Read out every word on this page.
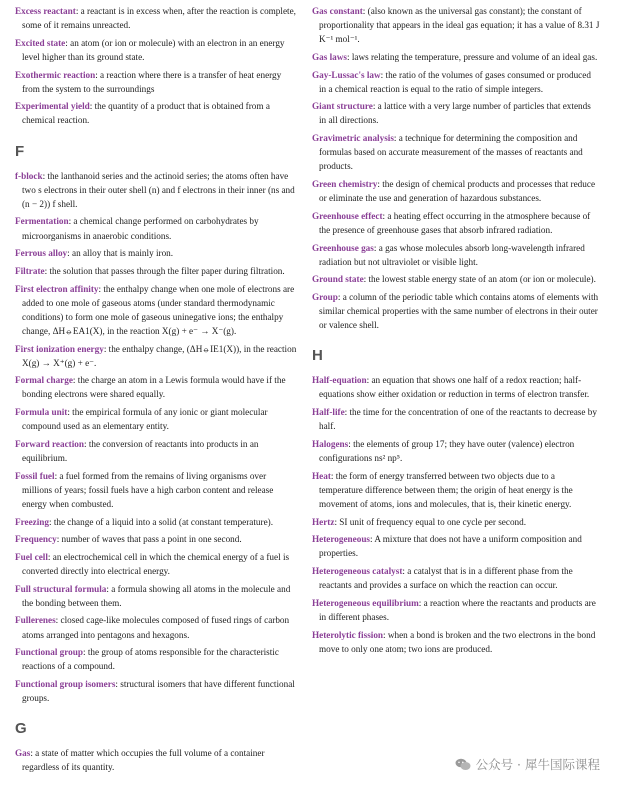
Excess reactant: a reactant is in excess when, after the reaction is complete, some of it remains unreacted.
Excited state: an atom (or ion or molecule) with an electron in an energy level higher than its ground state.
Exothermic reaction: a reaction where there is a transfer of heat energy from the system to the surroundings
Experimental yield: the quantity of a product that is obtained from a chemical reaction.
F
f-block: the lanthanoid series and the actinoid series; the atoms often have two s electrons in their outer shell (n) and f electrons in their inner (ns and (n − 2)) f shell.
Fermentation: a chemical change performed on carbohydrates by microorganisms in anaerobic conditions.
Ferrous alloy: an alloy that is mainly iron.
Filtrate: the solution that passes through the filter paper during filtration.
First electron affinity: the enthalpy change when one mole of electrons are added to one mole of gaseous atoms (under standard thermodynamic conditions) to form one mole of gaseous uninegative ions; the enthalpy change, ΔH⦵EA1(X), in the reaction X(g) + e⁻ → X⁻(g).
First ionization energy: the enthalpy change, (ΔH⦵IE1(X)), in the reaction X(g) → X⁺(g) + e⁻.
Formal charge: the charge an atom in a Lewis formula would have if the bonding electrons were shared equally.
Formula unit: the empirical formula of any ionic or giant molecular compound used as an elementary entity.
Forward reaction: the conversion of reactants into products in an equilibrium.
Fossil fuel: a fuel formed from the remains of living organisms over millions of years; fossil fuels have a high carbon content and release energy when combusted.
Freezing: the change of a liquid into a solid (at constant temperature).
Frequency: number of waves that pass a point in one second.
Fuel cell: an electrochemical cell in which the chemical energy of a fuel is converted directly into electrical energy.
Full structural formula: a formula showing all atoms in the molecule and the bonding between them.
Fullerenes: closed cage-like molecules composed of fused rings of carbon atoms arranged into pentagons and hexagons.
Functional group: the group of atoms responsible for the characteristic reactions of a compound.
Functional group isomers: structural isomers that have different functional groups.
G
Gas: a state of matter which occupies the full volume of a container regardless of its quantity.
Gas constant: (also known as the universal gas constant); the constant of proportionality that appears in the ideal gas equation; it has a value of 8.31 J K⁻¹ mol⁻¹.
Gas laws: laws relating the temperature, pressure and volume of an ideal gas.
Gay-Lussac's law: the ratio of the volumes of gases consumed or produced in a chemical reaction is equal to the ratio of simple integers.
Giant structure: a lattice with a very large number of particles that extends in all directions.
Gravimetric analysis: a technique for determining the composition and formulas based on accurate measurement of the masses of reactants and products.
Green chemistry: the design of chemical products and processes that reduce or eliminate the use and generation of hazardous substances.
Greenhouse effect: a heating effect occurring in the atmosphere because of the presence of greenhouse gases that absorb infrared radiation.
Greenhouse gas: a gas whose molecules absorb long-wavelength infrared radiation but not ultraviolet or visible light.
Ground state: the lowest stable energy state of an atom (or ion or molecule).
Group: a column of the periodic table which contains atoms of elements with similar chemical properties with the same number of electrons in their outer or valence shell.
H
Half-equation: an equation that shows one half of a redox reaction; half-equations show either oxidation or reduction in terms of electron transfer.
Half-life: the time for the concentration of one of the reactants to decrease by half.
Halogens: the elements of group 17; they have outer (valence) electron configurations ns² np⁵.
Heat: the form of energy transferred between two objects due to a temperature difference between them; the origin of heat energy is the movement of atoms, ions and molecules, that is, their kinetic energy.
Hertz: SI unit of frequency equal to one cycle per second.
Heterogeneous: A mixture that does not have a uniform composition and properties.
Heterogeneous catalyst: a catalyst that is in a different phase from the reactants and provides a surface on which the reaction can occur.
Heterogeneous equilibrium: a reaction where the reactants and products are in different phases.
Heterolytic fission: when a bond is broken and the two electrons in the bond move to only one atom; two ions are produced.
公众号 · 犀牛国际课程
